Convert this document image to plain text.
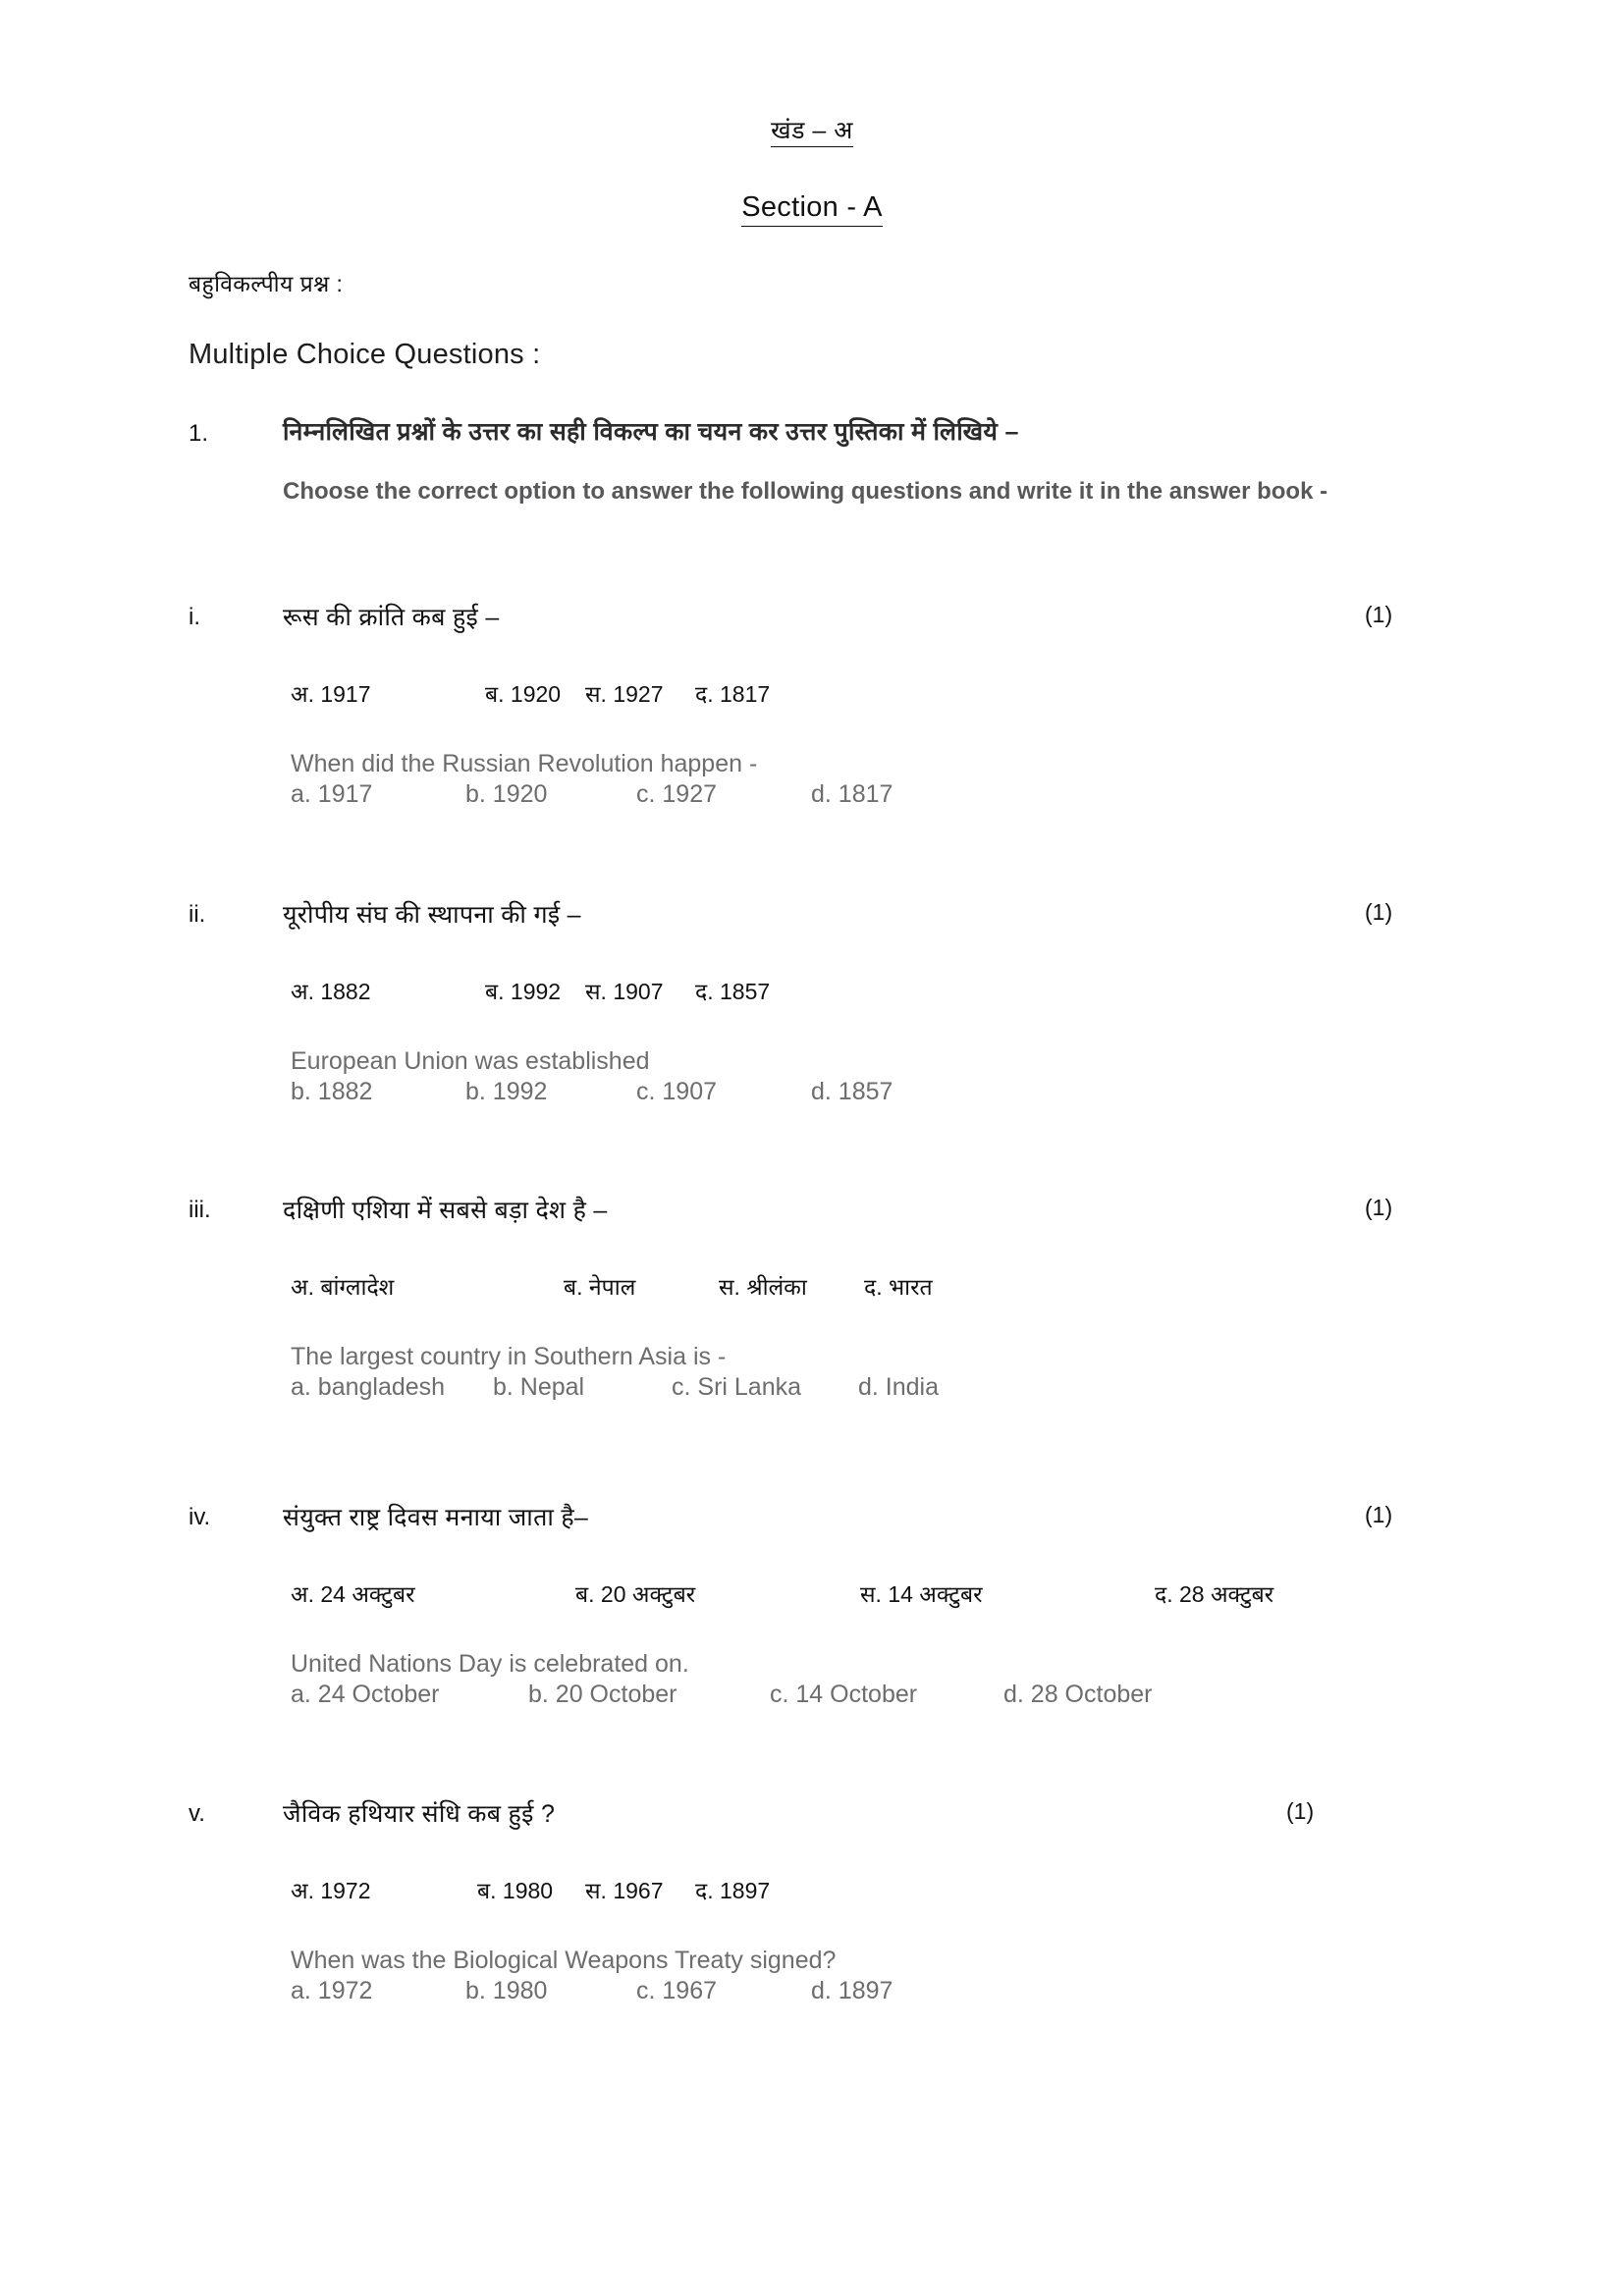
खंड – अ
Section - A
बहुविकल्पीय प्रश्न :
Multiple Choice Questions :
1.	निम्नलिखित प्रश्नों के उत्तर का सही विकल्प का चयन कर उत्तर पुस्तिका में लिखिये –
Choose the correct option to answer the following questions and write it in the answer book -
i.	रूस की क्रांति कब हुई –
अ. 1917	ब. 1920 स. 1927 द. 1817
When did the Russian Revolution happen -
a. 1917	b. 1920	c. 1927	d. 1817
(1)
ii.	यूरोपीय संघ की स्थापना की गई –
अ. 1882	ब. 1992 स. 1907 द. 1857
European Union was established
b. 1882	b. 1992	c. 1907	d. 1857
(1)
iii.	दक्षिणी एशिया में सबसे बड़ा देश है –
अ. बांग्लादेश	ब. नेपाल	स. श्रीलंका	द. भारत
The largest country in Southern Asia is -
a. bangladesh b. Nepal	c. Sri Lanka d. India
(1)
iv.	संयुक्त राष्ट्र दिवस मनाया जाता है–
अ. 24 अक्टुबर	ब. 20 अक्टुबर	स. 14 अक्टुबर	द. 28 अक्टुबर
United Nations Day is celebrated on.
a. 24 October	b. 20 October	c. 14 October	d. 28 October
(1)
v.	जैविक हथियार संधि कब हुई ?
अ. 1972	ब. 1980 स. 1967 द. 1897
When was the Biological Weapons Treaty signed?
a. 1972	b. 1980	c. 1967	d. 1897
(1)
